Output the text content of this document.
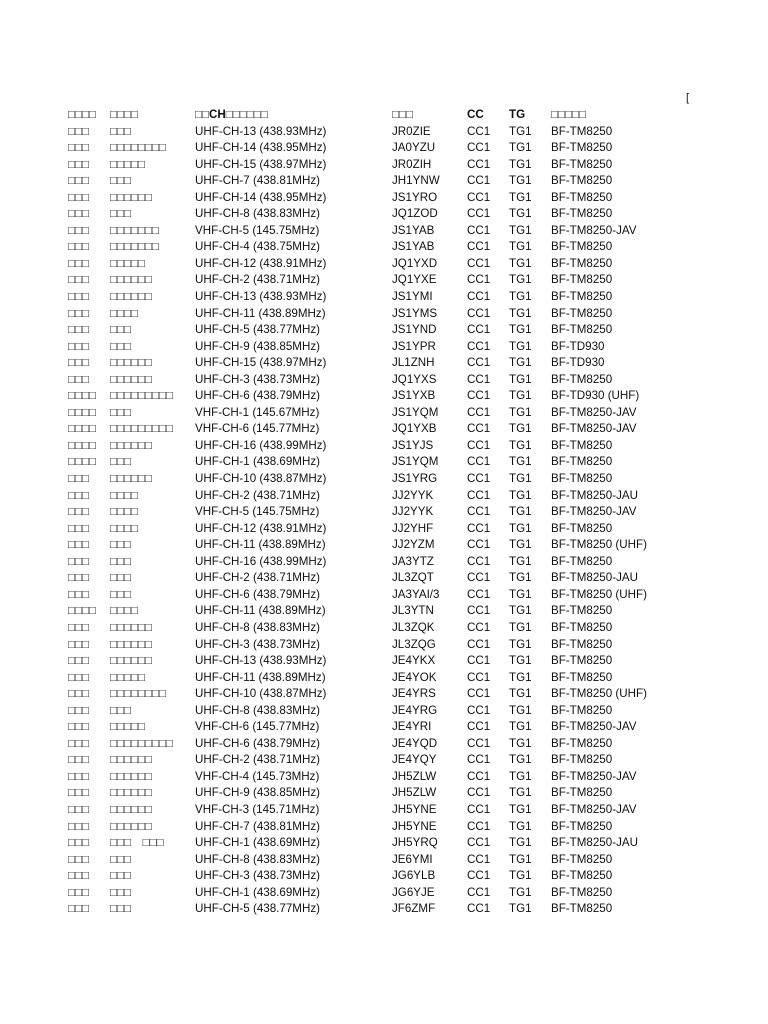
[
□□□□	□□□□	□□CH□□□□□□	□□□	CC	TG	□□□□□
□□□	□□□	UHF-CH-13 (438.93MHz)	JR0ZIE	CC1	TG1	BF-TM8250
□□□	□□□□□□□□	UHF-CH-14 (438.95MHz)	JA0YZU	CC1	TG1	BF-TM8250
□□□	□□□□□	UHF-CH-15 (438.97MHz)	JR0ZIH	CC1	TG1	BF-TM8250
□□□	□□□	UHF-CH-7 (438.81MHz)	JH1YNW	CC1	TG1	BF-TM8250
□□□	□□□□□□	UHF-CH-14 (438.95MHz)	JS1YRO	CC1	TG1	BF-TM8250
□□□	□□□	UHF-CH-8 (438.83MHz)	JQ1ZOD	CC1	TG1	BF-TM8250
□□□	□□□□□□□	VHF-CH-5 (145.75MHz)	JS1YAB	CC1	TG1	BF-TM8250-JAV
□□□	□□□□□□□	UHF-CH-4 (438.75MHz)	JS1YAB	CC1	TG1	BF-TM8250
□□□	□□□□□	UHF-CH-12 (438.91MHz)	JQ1YXD	CC1	TG1	BF-TM8250
□□□	□□□□□□	UHF-CH-2 (438.71MHz)	JQ1YXE	CC1	TG1	BF-TM8250
□□□	□□□□□□	UHF-CH-13 (438.93MHz)	JS1YMI	CC1	TG1	BF-TM8250
□□□	□□□□	UHF-CH-11 (438.89MHz)	JS1YMS	CC1	TG1	BF-TM8250
□□□	□□□	UHF-CH-5 (438.77MHz)	JS1YND	CC1	TG1	BF-TM8250
□□□	□□□	UHF-CH-9 (438.85MHz)	JS1YPR	CC1	TG1	BF-TD930
□□□	□□□□□□	UHF-CH-15 (438.97MHz)	JL1ZNH	CC1	TG1	BF-TD930
□□□	□□□□□□	UHF-CH-3 (438.73MHz)	JQ1YXS	CC1	TG1	BF-TM8250
□□□□	□□□□□□□□□	UHF-CH-6 (438.79MHz)	JS1YXB	CC1	TG1	BF-TD930 (UHF)
□□□□	□□□	VHF-CH-1 (145.67MHz)	JS1YQM	CC1	TG1	BF-TM8250-JAV
□□□□	□□□□□□□□□	VHF-CH-6 (145.77MHz)	JQ1YXB	CC1	TG1	BF-TM8250-JAV
□□□□	□□□□□□	UHF-CH-16 (438.99MHz)	JS1YJS	CC1	TG1	BF-TM8250
□□□□	□□□	UHF-CH-1 (438.69MHz)	JS1YQM	CC1	TG1	BF-TM8250
□□□	□□□□□□	UHF-CH-10 (438.87MHz)	JS1YRG	CC1	TG1	BF-TM8250
□□□	□□□□	UHF-CH-2 (438.71MHz)	JJ2YYK	CC1	TG1	BF-TM8250-JAU
□□□	□□□□	VHF-CH-5 (145.75MHz)	JJ2YYK	CC1	TG1	BF-TM8250-JAV
□□□	□□□□	UHF-CH-12 (438.91MHz)	JJ2YHF	CC1	TG1	BF-TM8250
□□□	□□□	UHF-CH-11 (438.89MHz)	JJ2YZM	CC1	TG1	BF-TM8250 (UHF)
□□□	□□□	UHF-CH-16 (438.99MHz)	JA3YTZ	CC1	TG1	BF-TM8250
□□□	□□□	UHF-CH-2 (438.71MHz)	JL3ZQT	CC1	TG1	BF-TM8250-JAU
□□□	□□□	UHF-CH-6 (438.79MHz)	JA3YAI/3	CC1	TG1	BF-TM8250 (UHF)
□□□□	□□□□	UHF-CH-11 (438.89MHz)	JL3YTN	CC1	TG1	BF-TM8250
□□□	□□□□□□	UHF-CH-8 (438.83MHz)	JL3ZQK	CC1	TG1	BF-TM8250
□□□	□□□□□□	UHF-CH-3 (438.73MHz)	JL3ZQG	CC1	TG1	BF-TM8250
□□□	□□□□□□	UHF-CH-13 (438.93MHz)	JE4YKX	CC1	TG1	BF-TM8250
□□□	□□□□□	UHF-CH-11 (438.89MHz)	JE4YOK	CC1	TG1	BF-TM8250
□□□	□□□□□□□□	UHF-CH-10 (438.87MHz)	JE4YRS	CC1	TG1	BF-TM8250 (UHF)
□□□	□□□	UHF-CH-8 (438.83MHz)	JE4YRG	CC1	TG1	BF-TM8250
□□□	□□□□□	VHF-CH-6 (145.77MHz)	JE4YRI	CC1	TG1	BF-TM8250-JAV
□□□	□□□□□□□□□	UHF-CH-6 (438.79MHz)	JE4YQD	CC1	TG1	BF-TM8250
□□□	□□□□□□	UHF-CH-2 (438.71MHz)	JE4YQY	CC1	TG1	BF-TM8250
□□□	□□□□□□	VHF-CH-4 (145.73MHz)	JH5ZLW	CC1	TG1	BF-TM8250-JAV
□□□	□□□□□□	UHF-CH-9 (438.85MHz)	JH5ZLW	CC1	TG1	BF-TM8250
□□□	□□□□□□	VHF-CH-3 (145.71MHz)	JH5YNE	CC1	TG1	BF-TM8250-JAV
□□□	□□□□□□	UHF-CH-7 (438.81MHz)	JH5YNE	CC1	TG1	BF-TM8250
□□□	□□□　□□□	UHF-CH-1 (438.69MHz)	JH5YRQ	CC1	TG1	BF-TM8250-JAU
□□□	□□□	UHF-CH-8 (438.83MHz)	JE6YMI	CC1	TG1	BF-TM8250
□□□	□□□	UHF-CH-3 (438.73MHz)	JG6YLB	CC1	TG1	BF-TM8250
□□□	□□□	UHF-CH-1 (438.69MHz)	JG6YJE	CC1	TG1	BF-TM8250
□□□	□□□	UHF-CH-5 (438.77MHz)	JF6ZMF	CC1	TG1	BF-TM8250
